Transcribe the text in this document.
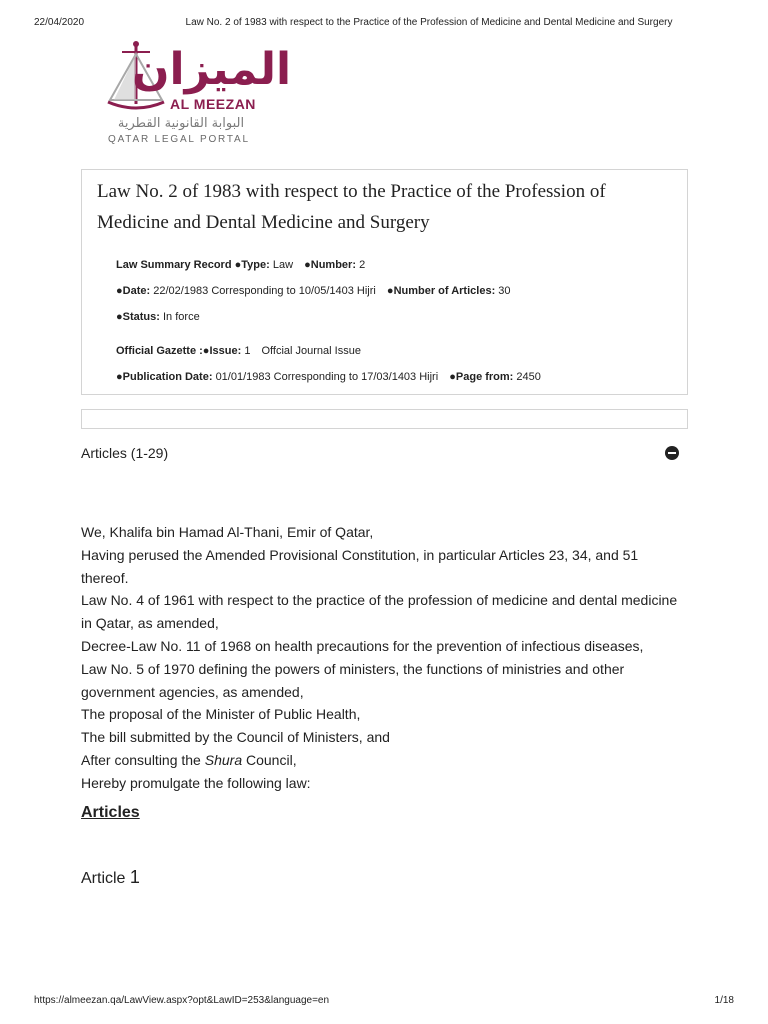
22/04/2020	Law No. 2 of 1983 with respect to the Practice of the Profession of Medicine and Dental Medicine and Surgery
الميزان
AL MEEZAN
البوابة القانونية القطرية
QATAR LEGAL PORTAL
Law No. 2 of 1983 with respect to the Practice of the Profession of Medicine and Dental Medicine and Surgery
Law Summary Record ●Type: Law ●Number: 2
●Date: 22/02/1983 Corresponding to 10/05/1403 Hijri ●Number of Articles: 30
●Status: In force
Official Gazette :●Issue: 1 Offcial Journal Issue
●Publication Date: 01/01/1983 Corresponding to 17/03/1403 Hijri ●Page from: 2450
Articles (1-29)

We, Khalifa bin Hamad Al-Thani, Emir of Qatar,

Having perused the Amended Provisional Constitution, in particular Articles 23, 34, and 51 thereof.

Law No. 4 of 1961 with respect to the practice of the profession of medicine and dental medicine in Qatar, as amended,

Decree-Law No. 11 of 1968 on health precautions for the prevention of infectious diseases,

Law No. 5 of 1970 defining the powers of ministers, the functions of ministries and other government agencies, as amended,

The proposal of the Minister of Public Health,

The bill submitted by the Council of Ministers, and

After consulting the Shura Council,

Hereby promulgate the following law:

Articles
Article 1
https://almeezan.qa/LawView.aspx?opt&LawID=253&language=en	1/18
